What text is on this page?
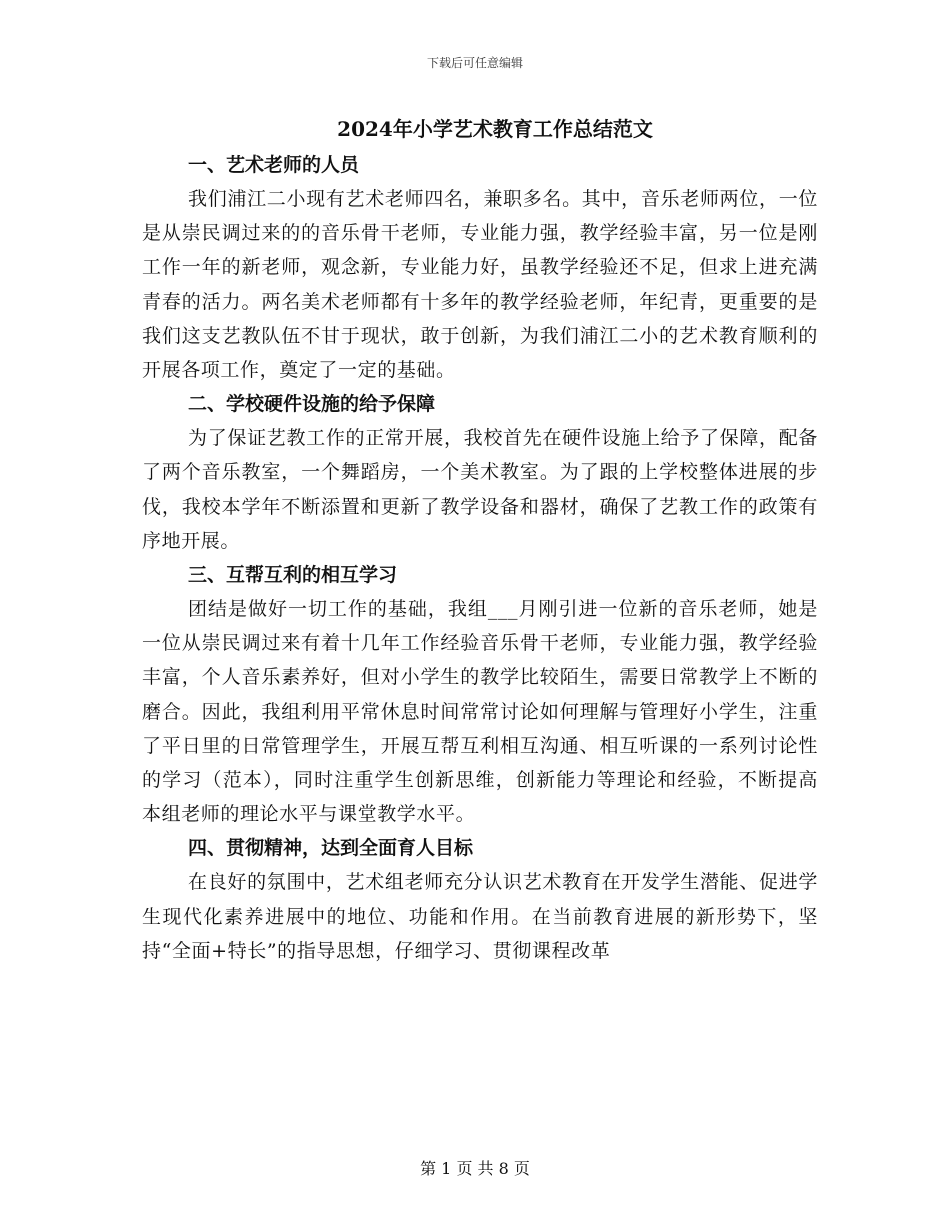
下载后可任意编辑
2024年小学艺术教育工作总结范文
一、艺术老师的人员

我们浦江二小现有艺术老师四名，兼职多名。其中，音乐老师两位，一位是从崇民调过来的的音乐骨干老师，专业能力强，教学经验丰富，另一位是刚工作一年的新老师，观念新，专业能力好，虽教学经验还不足，但求上进充满青春的活力。两名美术老师都有十多年的教学经验老师，年纪青，更重要的是我们这支艺教队伍不甘于现状，敢于创新，为我们浦江二小的艺术教育顺利的开展各项工作，奠定了一定的基础。

二、学校硬件设施的给予保障

为了保证艺教工作的正常开展，我校首先在硬件设施上给予了保障，配备了两个音乐教室，一个舞蹈房，一个美术教室。为了跟的上学校整体进展的步伐，我校本学年不断添置和更新了教学设备和器材，确保了艺教工作的政策有序地开展。

三、互帮互利的相互学习

团结是做好一切工作的基础，我组___月刚引进一位新的音乐老师，她是一位从崇民调过来有着十几年工作经验音乐骨干老师，专业能力强，教学经验丰富，个人音乐素养好，但对小学生的教学比较陌生，需要日常教学上不断的磨合。因此，我组利用平常休息时间常常讨论如何理解与管理好小学生，注重了平日里的日常管理学生，开展互帮互利相互沟通、相互听课的一系列讨论性的学习（范本），同时注重学生创新思维，创新能力等理论和经验，不断提高本组老师的理论水平与课堂教学水平。

四、贯彻精神，达到全面育人目标

在良好的氛围中，艺术组老师充分认识艺术教育在开发学生潜能、促进学生现代化素养进展中的地位、功能和作用。在当前教育进展的新形势下，坚持“全面+特长”的指导思想，仔细学习、贯彻课程改革

第 1 页 共 8 页
